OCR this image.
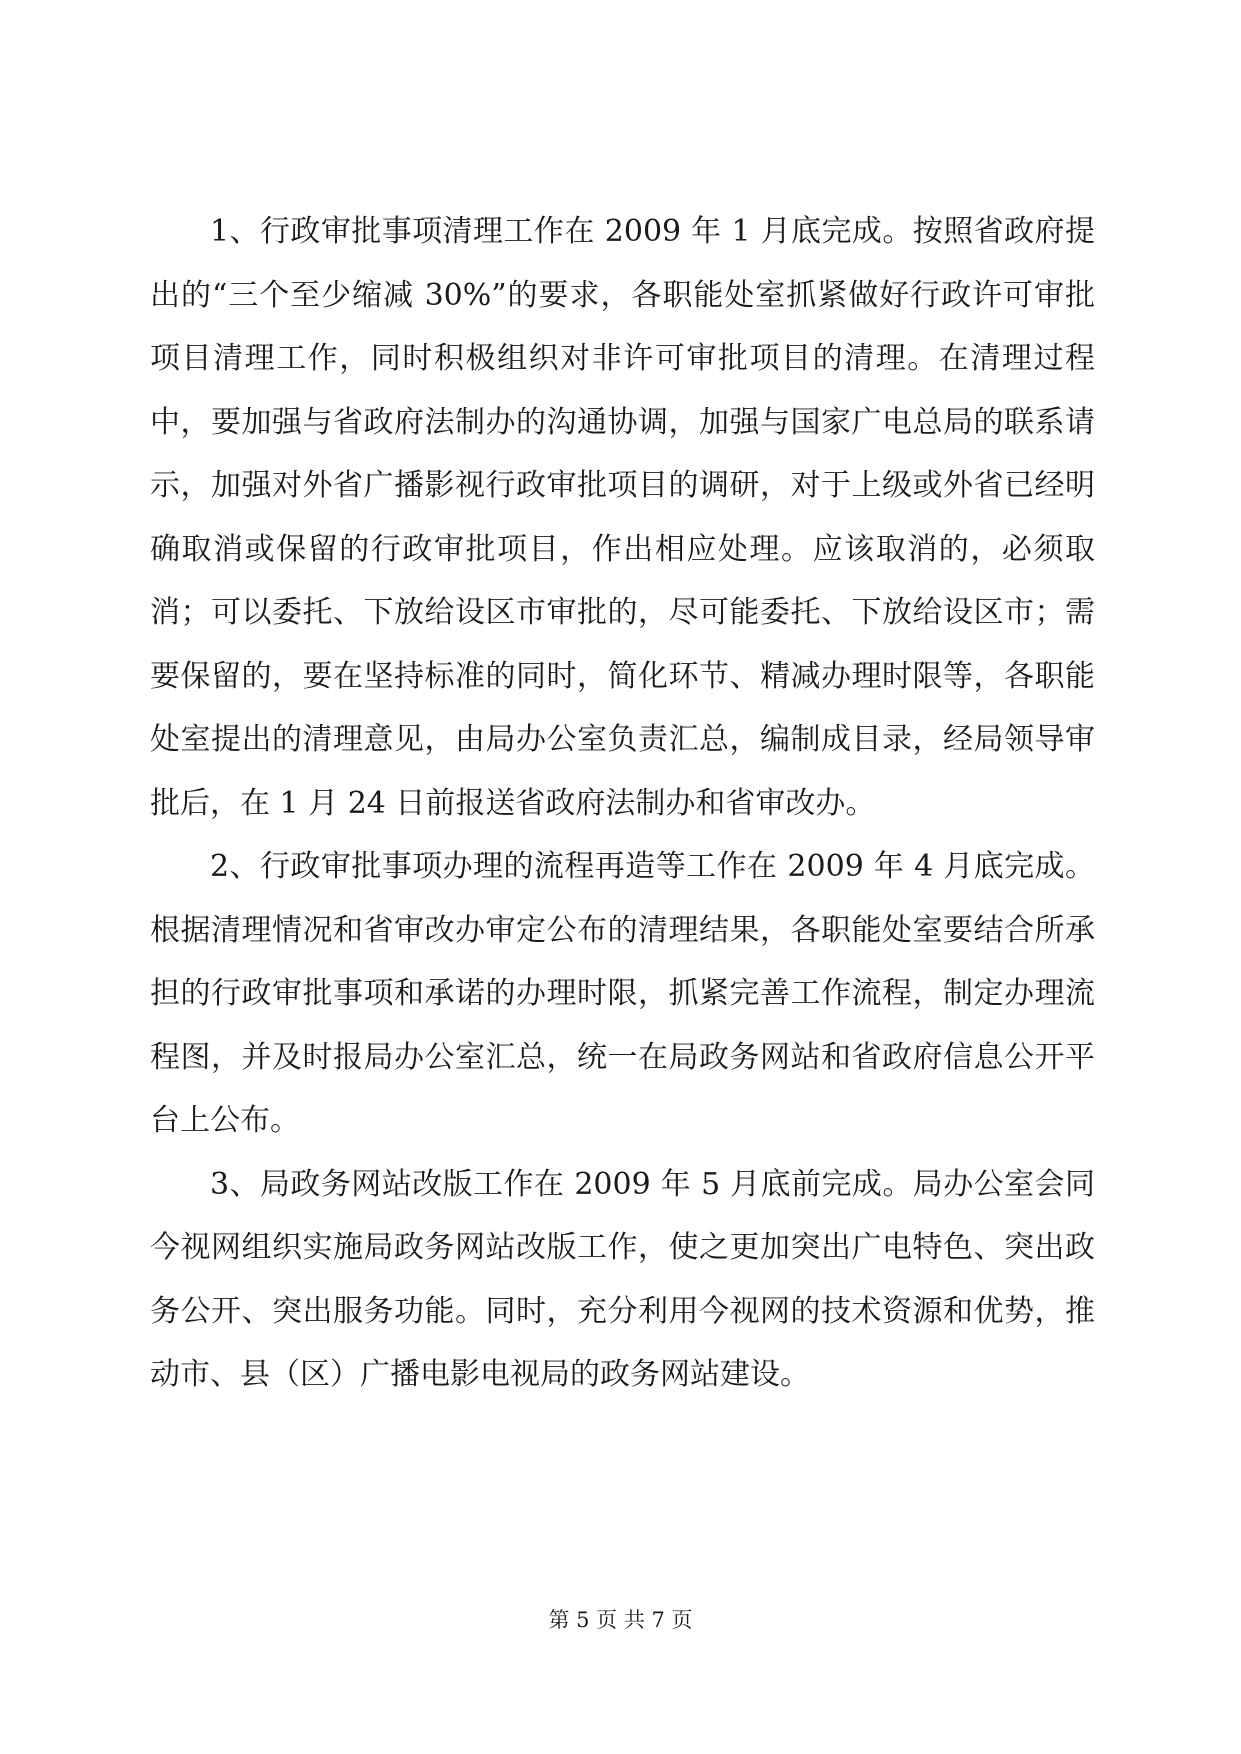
1、行政审批事项清理工作在 2009 年 1 月底完成。按照省政府提出的“三个至少缩减 30%”的要求，各职能处室抓紧做好行政许可审批项目清理工作，同时积极组织对非许可审批项目的清理。在清理过程中，要加强与省政府法制办的沟通协调，加强与国家广电总局的联系请示，加强对外省广播影视行政审批项目的调研，对于上级或外省已经明确取消或保留的行政审批项目，作出相应处理。应该取消的，必须取消；可以委托、下放给设区市审批的，尽可能委托、下放给设区市；需要保留的，要在坚持标准的同时，简化环节、精减办理时限等，各职能处室提出的清理意见，由局办公室负责汇总，编制成目录，经局领导审批后，在 1 月 24 日前报送省政府法制办和省审改办。

2、行政审批事项办理的流程再造等工作在 2009 年 4 月底完成。根据清理情况和省审改办审定公布的清理结果，各职能处室要结合所承担的行政审批事项和承诺的办理时限，抓紧完善工作流程，制定办理流程图，并及时报局办公室汇总，统一在局政务网站和省政府信息公开平台上公布。

3、局政务网站改版工作在 2009 年 5 月底前完成。局办公室会同今视网组织实施局政务网站改版工作，使之更加突出广电特色、突出政务公开、突出服务功能。同时，充分利用今视网的技术资源和优势，推动市、县（区）广播电影电视局的政务网站建设。

第 5 页 共 7 页
